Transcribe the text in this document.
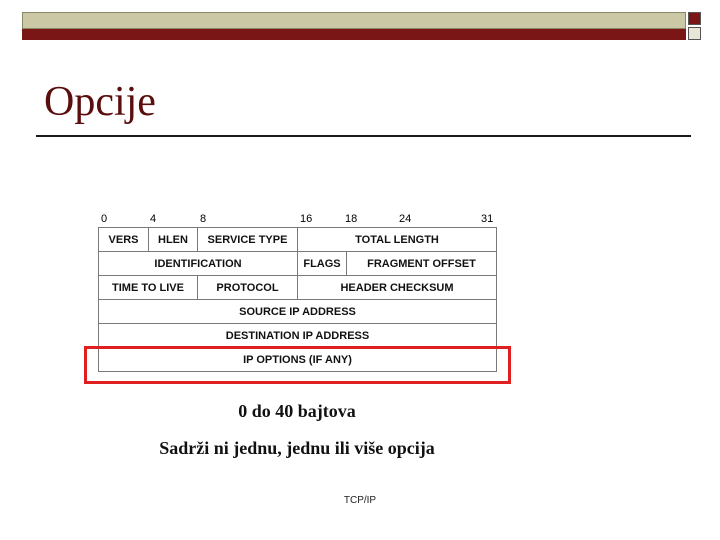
Opcije
0	4	8	16	18	24	31
VERS	HLEN	SERVICE TYPE	TOTAL LENGTH	
IDENTIFICATION			FLAGS	FRAGMENT OFFSET
TIME TO LIVE		PROTOCOL	HEADER CHECKSUM	
SOURCE IP ADDRESS				
DESTINATION IP ADDRESS				
IP OPTIONS (IF ANY)				
0 do 40 bajtova
Sadrži ni jednu, jednu ili više opcija
TCP/IP
